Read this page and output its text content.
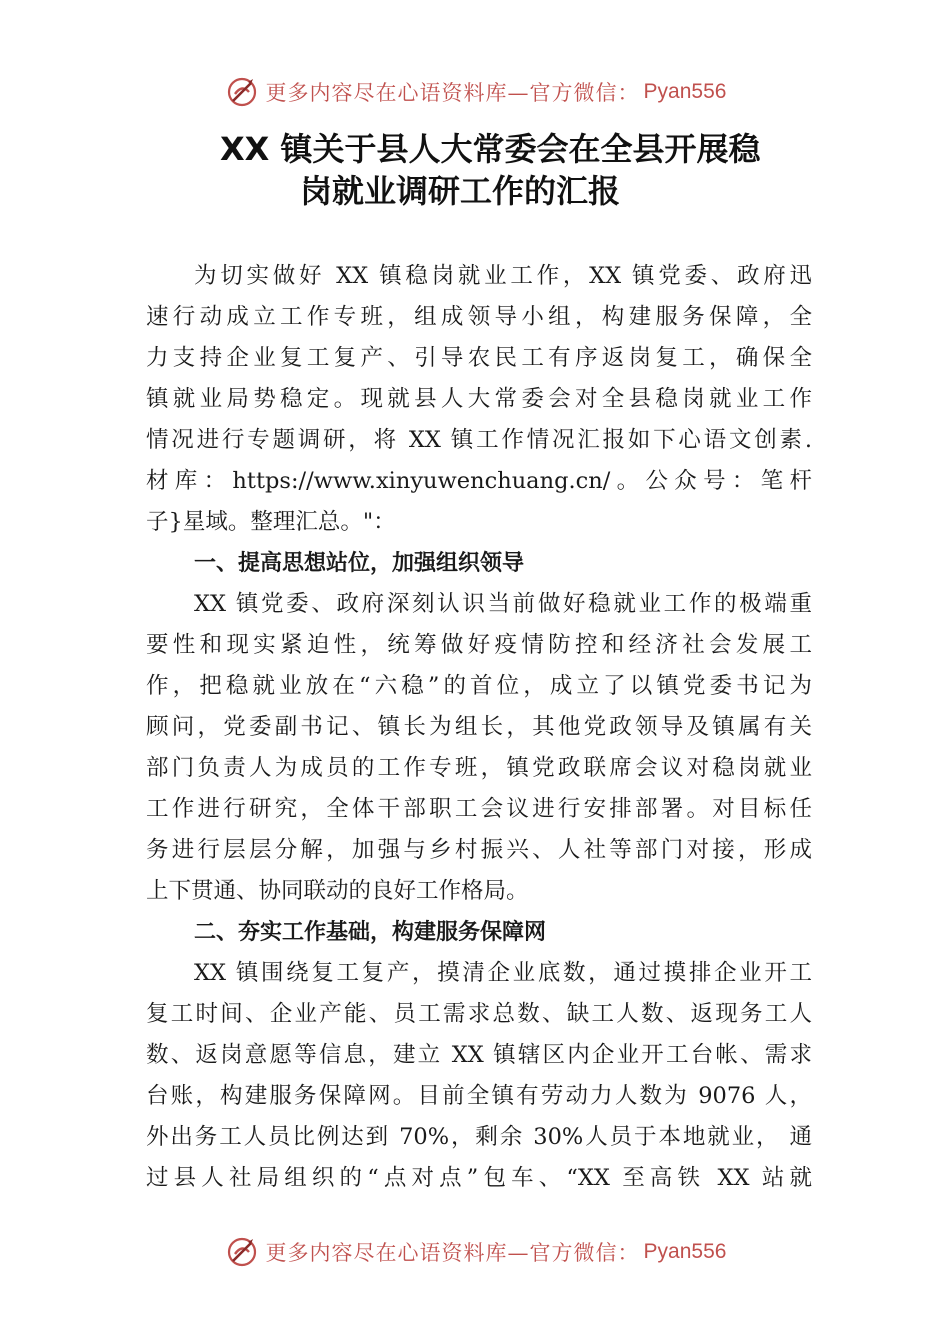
更多内容尽在心语资料库—官方微信： Pyan556
XX 镇关于县人大常委会在全县开展稳
岗就业调研工作的汇报
为切实做好 XX 镇稳岗就业工作，XX 镇党委、政府迅
速行动成立工作专班，组成领导小组，构建服务保障，全
力支持企业复工复产、引导农民工有序返岗复工，确保全
镇就业局势稳定。现就县人大常委会对全县稳岗就业工作
情况进行专题调研，将 XX 镇工作情况汇报如下心语文创素.
材库：https://www.xinyuwenchuang.cn/。公众号：笔杆
子}星域。整理汇总。"：
一、提高思想站位，加强组织领导
XX 镇党委、政府深刻认识当前做好稳就业工作的极端重
要性和现实紧迫性，统筹做好疫情防控和经济社会发展工
作，把稳就业放在“六稳”的首位，成立了以镇党委书记为
顾问，党委副书记、镇长为组长，其他党政领导及镇属有关
部门负责人为成员的工作专班，镇党政联席会议对稳岗就业
工作进行研究，全体干部职工会议进行安排部署。对目标任
务进行层层分解，加强与乡村振兴、人社等部门对接，形成
上下贯通、协同联动的良好工作格局。
二、夯实工作基础，构建服务保障网
XX 镇围绕复工复产，摸清企业底数，通过摸排企业开工
复工时间、企业产能、员工需求总数、缺工人数、返现务工人
数、返岗意愿等信息，建立 XX 镇辖区内企业开工台帐、需求
台账，构建服务保障网。目前全镇有劳动力人数为 9076 人，
外出务工人员比例达到 70%，剩余 30%人员于本地就业， 通
过县人社局组织的“点对点”包车、“XX 至高铁 XX 站就
更多内容尽在心语资料库—官方微信： Pyan556
